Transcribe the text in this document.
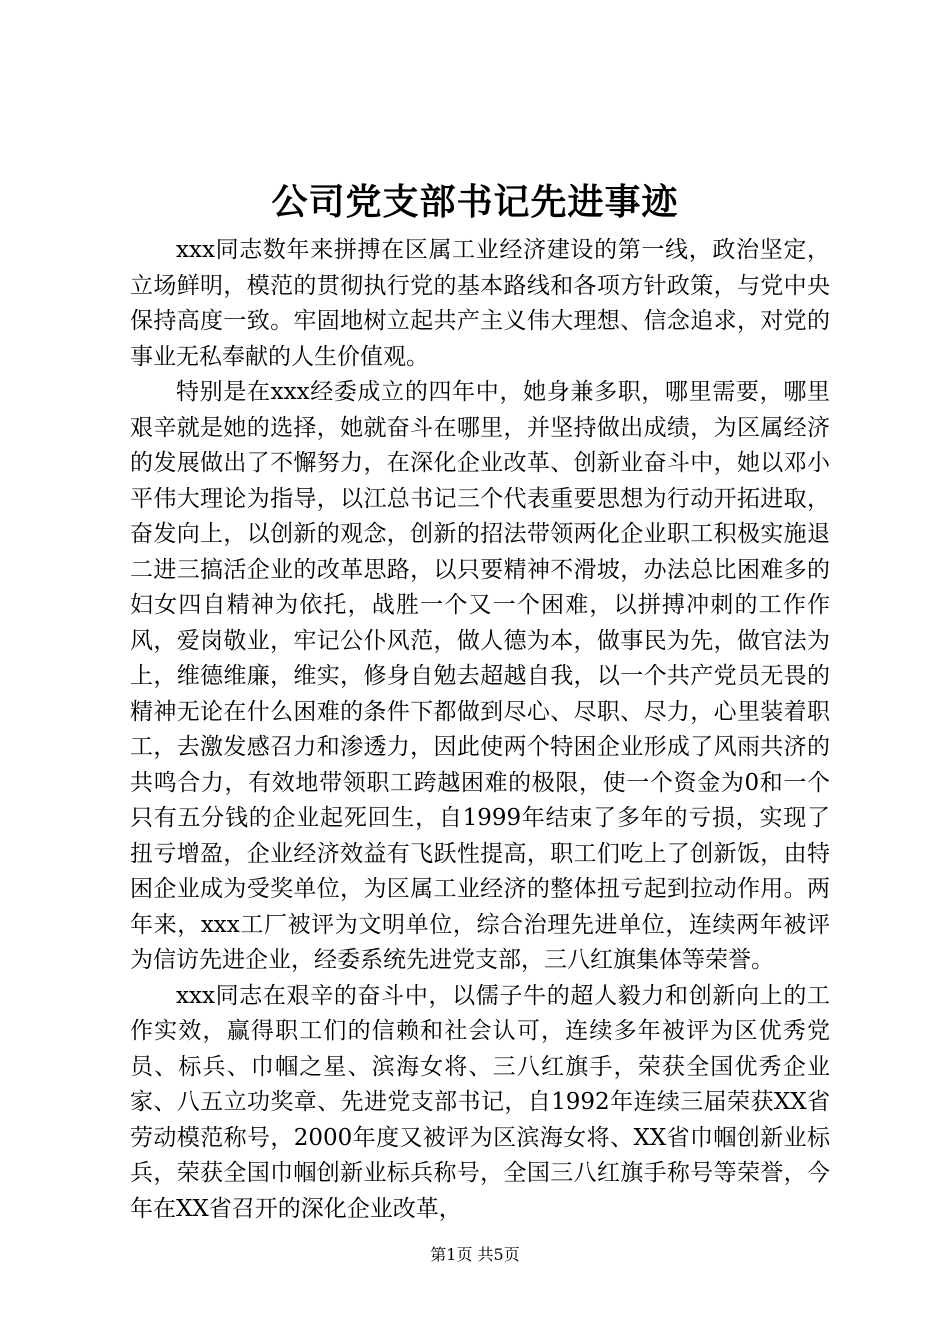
公司党支部书记先进事迹

xxx同志数年来拼搏在区属工业经济建设的第一线，政治坚定，立场鲜明，模范的贯彻执行党的基本路线和各项方针政策，与党中央保持高度一致。牢固地树立起共产主义伟大理想、信念追求，对党的事业无私奉献的人生价值观。

特别是在xxx经委成立的四年中，她身兼多职，哪里需要，哪里艰辛就是她的选择，她就奋斗在哪里，并坚持做出成绩，为区属经济的发展做出了不懈努力，在深化企业改革、创新业奋斗中，她以邓小平伟大理论为指导，以江总书记三个代表重要思想为行动开拓进取，奋发向上，以创新的观念，创新的招法带领两化企业职工积极实施退二进三搞活企业的改革思路，以只要精神不滑坡，办法总比困难多的妇女四自精神为依托，战胜一个又一个困难，以拼搏冲刺的工作作风，爱岗敬业，牢记公仆风范，做人德为本，做事民为先，做官法为上，维德维廉，维实，修身自勉去超越自我，以一个共产党员无畏的精神无论在什么困难的条件下都做到尽心、尽职、尽力，心里装着职工，去激发感召力和渗透力，因此使两个特困企业形成了风雨共济的共鸣合力，有效地带领职工跨越困难的极限，使一个资金为0和一个只有五分钱的企业起死回生，自1999年结束了多年的亏损，实现了扭亏增盈，企业经济效益有飞跃性提高，职工们吃上了创新饭，由特困企业成为受奖单位，为区属工业经济的整体扭亏起到拉动作用。两年来，xxx工厂被评为文明单位，综合治理先进单位，连续两年被评为信访先进企业，经委系统先进党支部，三八红旗集体等荣誉。

xxx同志在艰辛的奋斗中，以儒子牛的超人毅力和创新向上的工作实效，赢得职工们的信赖和社会认可，连续多年被评为区优秀党员、标兵、巾帼之星、滨海女将、三八红旗手，荣获全国优秀企业家、八五立功奖章、先进党支部书记，自1992年连续三届荣获XX省劳动模范称号，2000年度又被评为区滨海女将、XX省巾帼创新业标兵，荣获全国巾帼创新业标兵称号，全国三八红旗手称号等荣誉，今年在XX省召开的深化企业改革，

第1页 共5页
